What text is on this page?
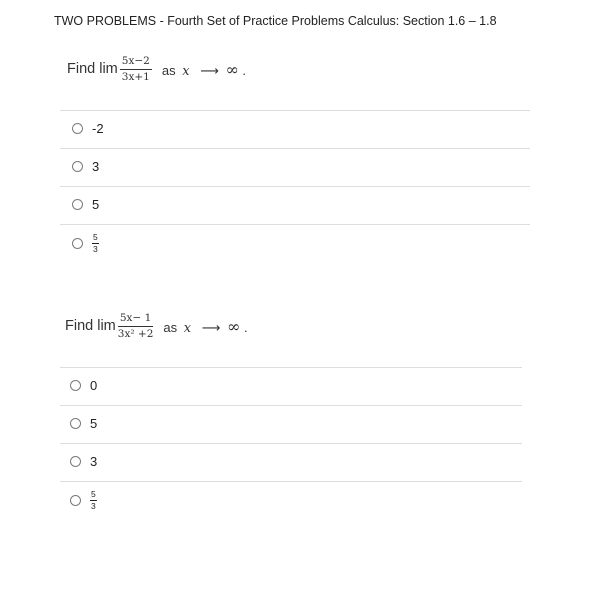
TWO PROBLEMS - Fourth Set of Practice Problems Calculus: Section 1.6 – 1.8
Find $\lim \frac{5x-2}{3x+1}$ as x ⟶ ∞ .
-2
3
5
$\frac{5}{3}$
Find $\lim \frac{5x- 1}{\text{3x² +2}}$ as x ⟶ ∞ .
0
5
3
$\frac{5}{3}$
